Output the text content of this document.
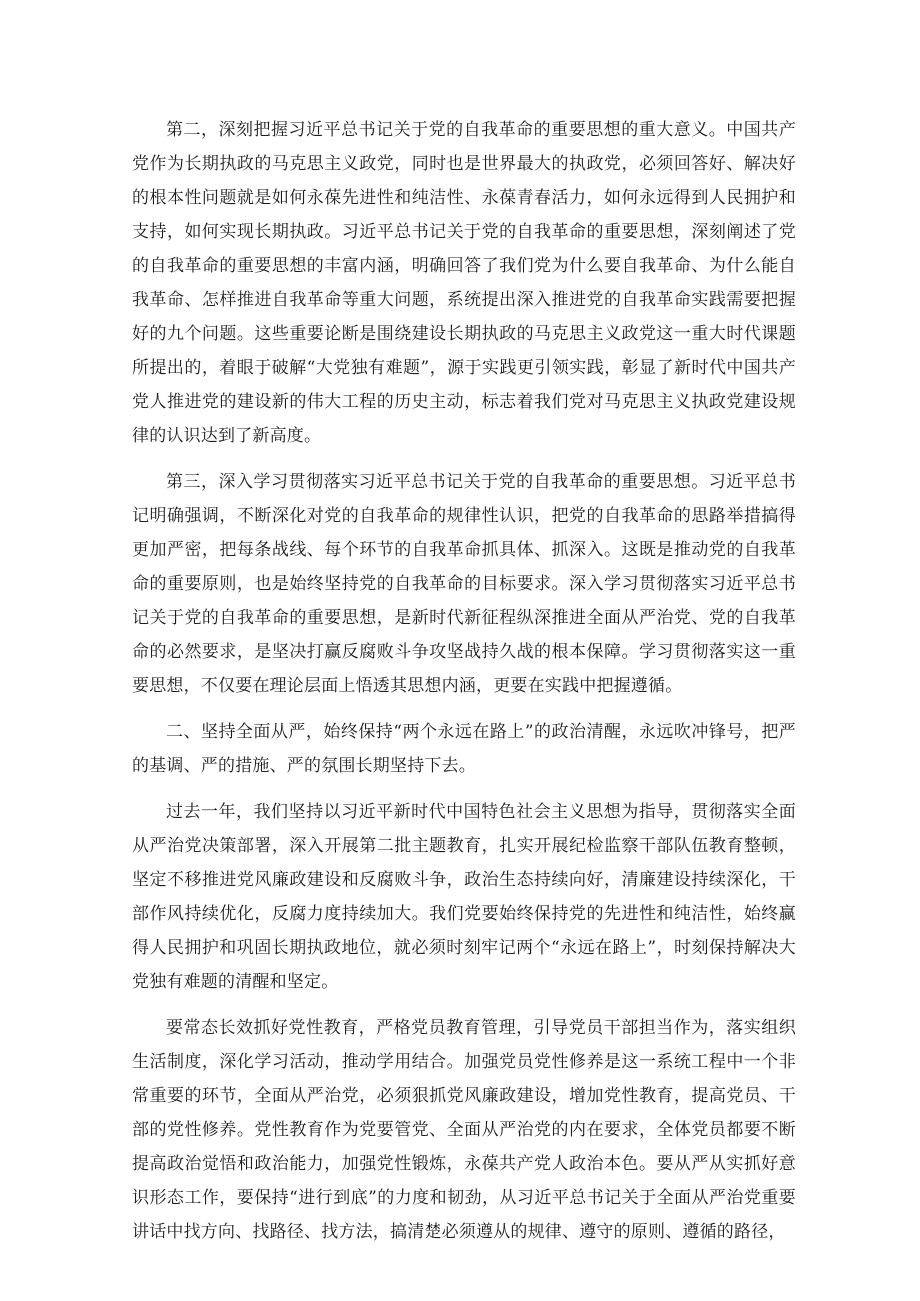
第二，深刻把握习近平总书记关于党的自我革命的重要思想的重大意义。中国共产党作为长期执政的马克思主义政党，同时也是世界最大的执政党，必须回答好、解决好的根本性问题就是如何永葆先进性和纯洁性、永葆青春活力，如何永远得到人民拥护和支持，如何实现长期执政。习近平总书记关于党的自我革命的重要思想，深刻阐述了党的自我革命的重要思想的丰富内涵，明确回答了我们党为什么要自我革命、为什么能自我革命、怎样推进自我革命等重大问题，系统提出深入推进党的自我革命实践需要把握好的九个问题。这些重要论断是围绕建设长期执政的马克思主义政党这一重大时代课题所提出的，着眼于破解“大党独有难题”，源于实践更引领实践，彰显了新时代中国共产党人推进党的建设新的伟大工程的历史主动，标志着我们党对马克思主义执政党建设规律的认识达到了新高度。

第三，深入学习贯彻落实习近平总书记关于党的自我革命的重要思想。习近平总书记明确强调，不断深化对党的自我革命的规律性认识，把党的自我革命的思路举措搞得更加严密，把每条战线、每个环节的自我革命抓具体、抓深入。这既是推动党的自我革命的重要原则，也是始终坚持党的自我革命的目标要求。深入学习贯彻落实习近平总书记关于党的自我革命的重要思想，是新时代新征程纵深推进全面从严治党、党的自我革命的必然要求，是坚决打赢反腐败斗争攻坚战持久战的根本保障。学习贯彻落实这一重要思想，不仅要在理论层面上悟透其思想内涵，更要在实践中把握遵循。

二、坚持全面从严，始终保持“两个永远在路上”的政治清醒，永远吹冲锋号，把严的基调、严的措施、严的氛围长期坚持下去。

过去一年，我们坚持以习近平新时代中国特色社会主义思想为指导，贯彻落实全面从严治党决策部署，深入开展第二批主题教育，扎实开展纪检监察干部队伍教育整顿，坚定不移推进党风廉政建设和反腐败斗争，政治生态持续向好，清廉建设持续深化，干部作风持续优化，反腐力度持续加大。我们党要始终保持党的先进性和纯洁性，始终赢得人民拥护和巩固长期执政地位，就必须时刻牢记两个“永远在路上”，时刻保持解决大党独有难题的清醒和坚定。

要常态长效抓好党性教育，严格党员教育管理，引导党员干部担当作为，落实组织生活制度，深化学习活动，推动学用结合。加强党员党性修养是这一系统工程中一个非常重要的环节，全面从严治党，必须狠抓党风廉政建设，增加党性教育，提高党员、干部的党性修养。党性教育作为党要管党、全面从严治党的内在要求，全体党员都要不断提高政治觉悟和政治能力，加强党性锻炼，永葆共产党人政治本色。要从严从实抓好意识形态工作，要保持“进行到底”的力度和韧劲，从习近平总书记关于全面从严治党重要讲话中找方向、找路径、找方法，搞清楚必须遵从的规律、遵守的原则、遵循的路径，
